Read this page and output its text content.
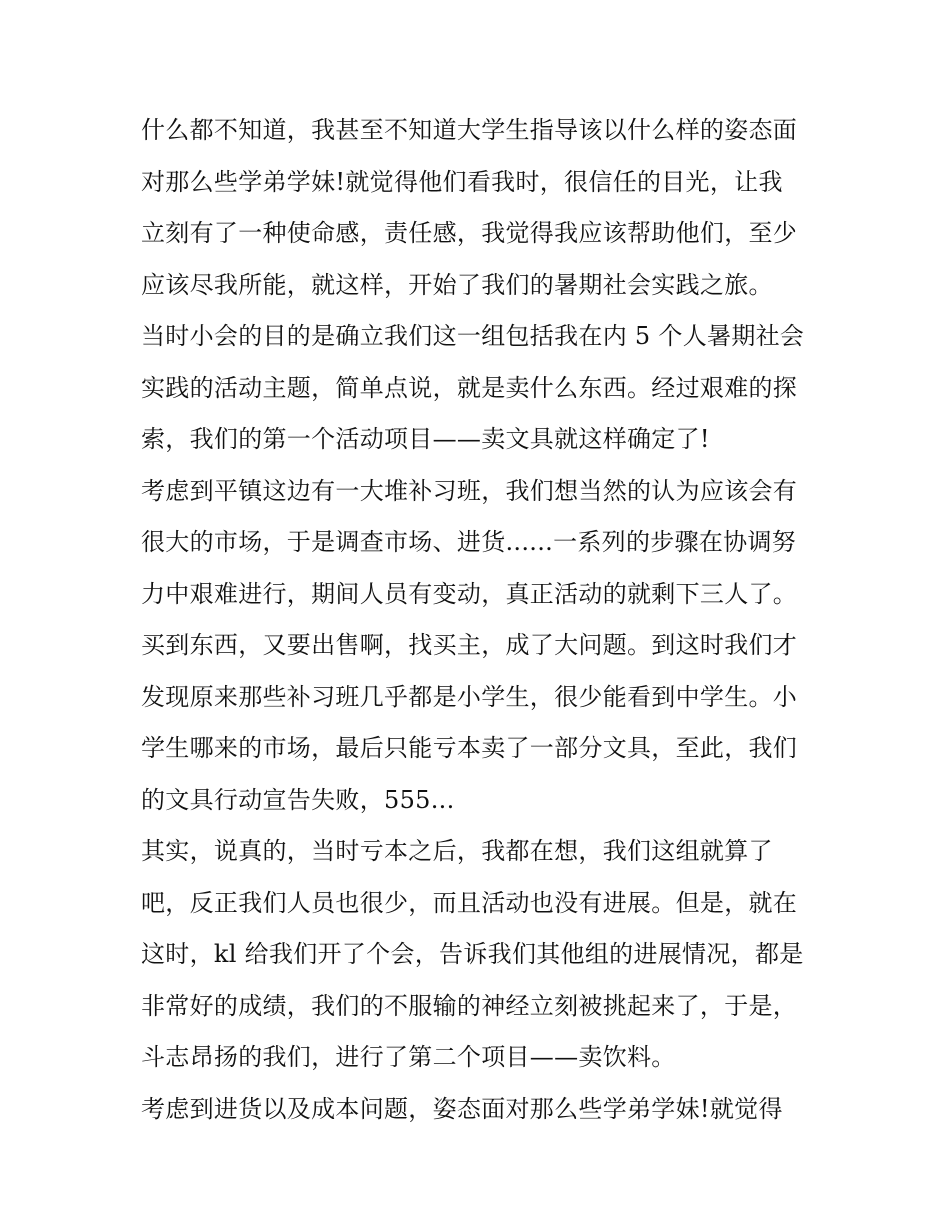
什么都不知道，我甚至不知道大学生指导该以什么样的姿态面
对那么些学弟学妹!就觉得他们看我时，很信任的目光，让我
立刻有了一种使命感，责任感，我觉得我应该帮助他们，至少
应该尽我所能，就这样，开始了我们的暑期社会实践之旅。
当时小会的目的是确立我们这一组包括我在内 5 个人暑期社会
实践的活动主题，简单点说，就是卖什么东西。经过艰难的探
索，我们的第一个活动项目——卖文具就这样确定了!
考虑到平镇这边有一大堆补习班，我们想当然的认为应该会有
很大的市场，于是调查市场、进货......一系列的步骤在协调努
力中艰难进行，期间人员有变动，真正活动的就剩下三人了。
买到东西，又要出售啊，找买主，成了大问题。到这时我们才
发现原来那些补习班几乎都是小学生，很少能看到中学生。小
学生哪来的市场，最后只能亏本卖了一部分文具，至此，我们
的文具行动宣告失败，555...
其实，说真的，当时亏本之后，我都在想，我们这组就算了
吧，反正我们人员也很少，而且活动也没有进展。但是，就在
这时，kl 给我们开了个会，告诉我们其他组的进展情况，都是
非常好的成绩，我们的不服输的神经立刻被挑起来了，于是，
斗志昂扬的我们，进行了第二个项目——卖饮料。
考虑到进货以及成本问题，姿态面对那么些学弟学妹!就觉得
